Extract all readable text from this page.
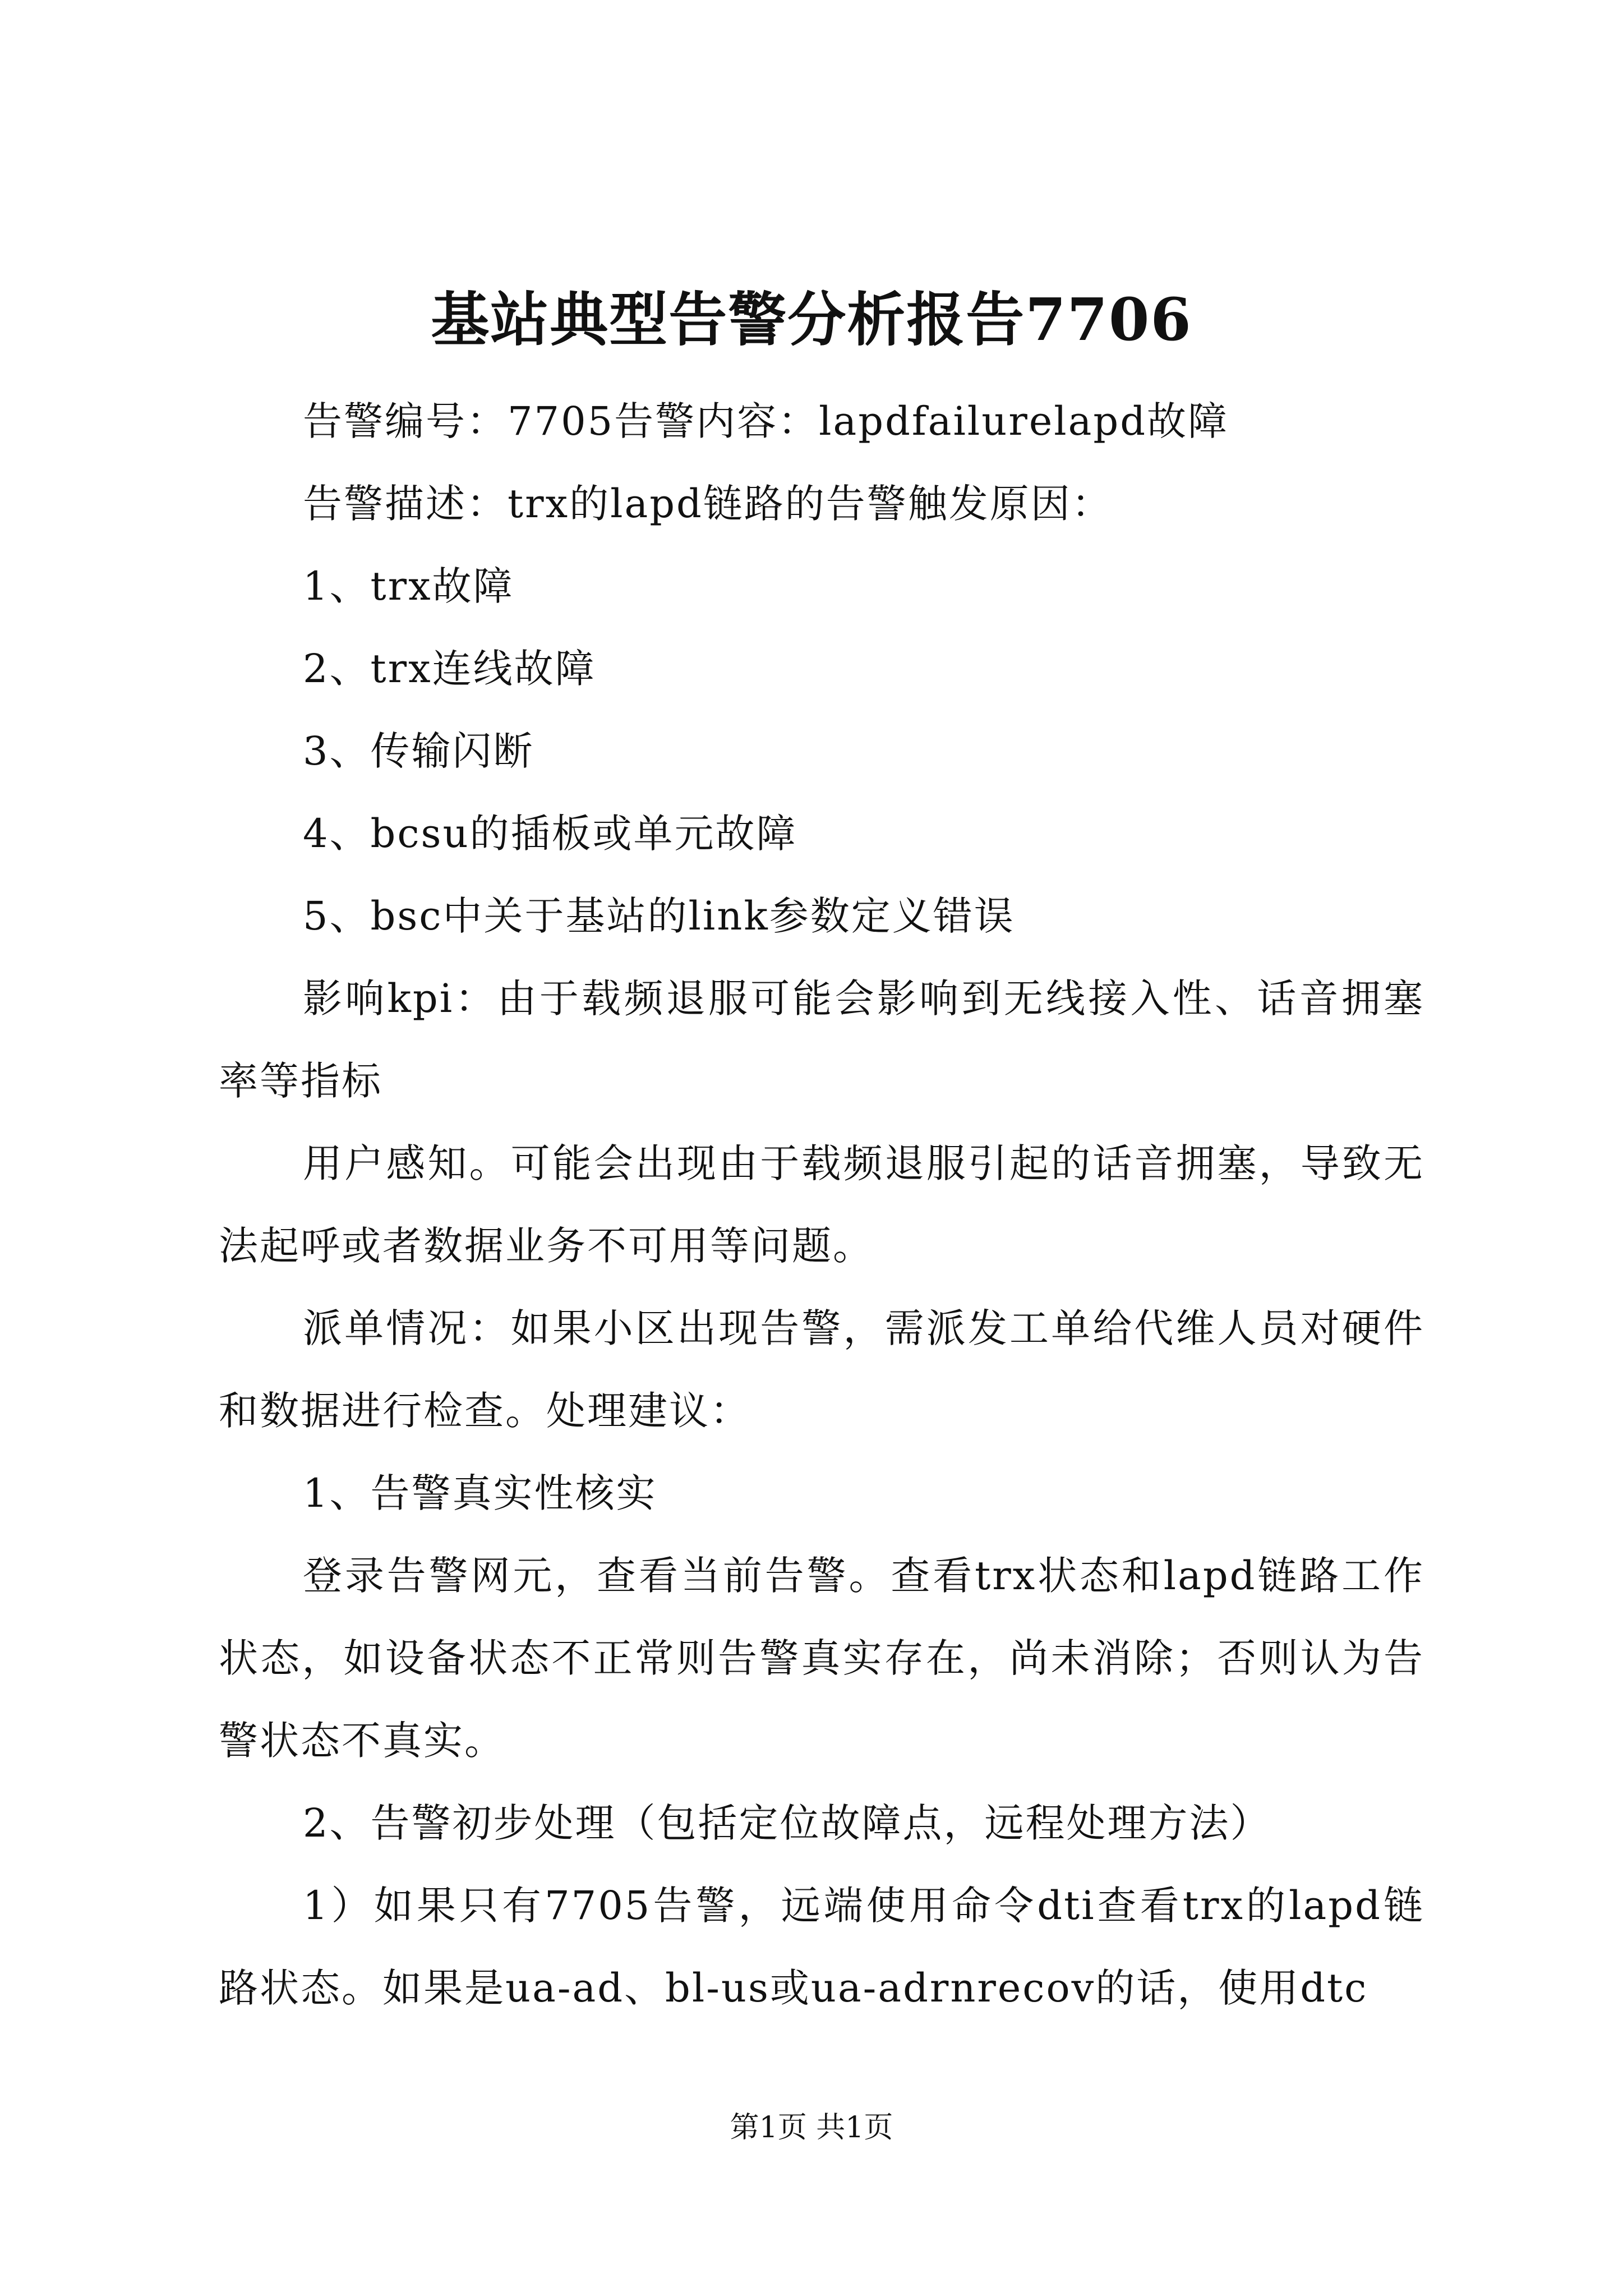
基站典型告警分析报告7706

告警编号：7705告警内容：lapdfailurelapd故障

告警描述：trx的lapd链路的告警触发原因：

1、trx故障

2、trx连线故障

3、传输闪断

4、bcsu的插板或单元故障

5、bsc中关于基站的link参数定义错误

影响kpi：由于载频退服可能会影响到无线接入性、话音拥塞率等指标

用户感知。可能会出现由于载频退服引起的话音拥塞，导致无法起呼或者数据业务不可用等问题。

派单情况：如果小区出现告警，需派发工单给代维人员对硬件和数据进行检查。处理建议：

1、告警真实性核实

登录告警网元，查看当前告警。查看trx状态和lapd链路工作状态，如设备状态不正常则告警真实存在，尚未消除；否则认为告警状态不真实。

2、告警初步处理（包括定位故障点，远程处理方法）

1）如果只有7705告警，远端使用命令dti查看trx的lapd链路状态。如果是ua-ad、bl-us或ua-adrnrecov的话，使用dtc

第1页 共1页
